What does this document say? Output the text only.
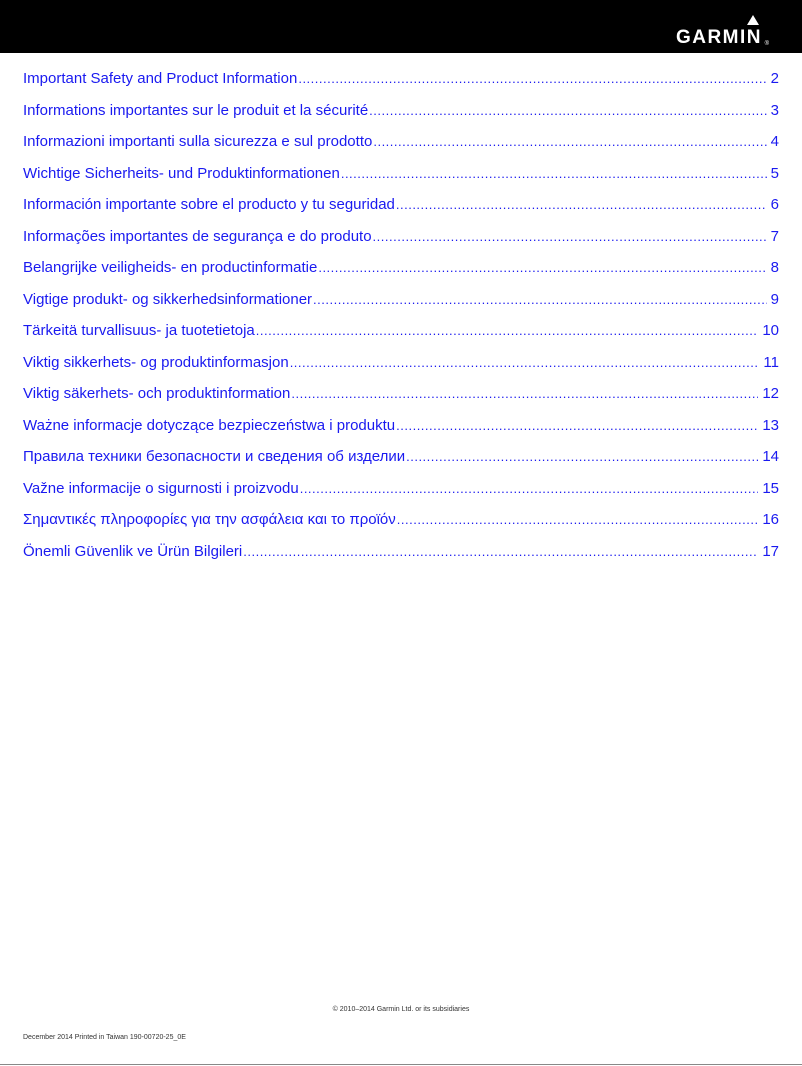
GARMIN ®
Important Safety and Product Information .....	2
Informations importantes sur le produit et la sécurité .....	3
Informazioni importanti sulla sicurezza e sul prodotto .....	4
Wichtige Sicherheits- und Produktinformationen .....	5
Información importante sobre el producto y tu seguridad .....	6
Informações importantes de segurança e do produto .....	7
Belangrijke veiligheids- en productinformatie .....	8
Vigtige produkt- og sikkerhedsinformationer .....	9
Tärkeitä turvallisuus- ja tuotetietoja .....	10
Viktig sikkerhets- og produktinformasjon .....	11
Viktig säkerhets- och produktinformation .....	12
Ważne informacje dotyczące bezpieczeństwa i produktu .....	13
Правила техники безопасности и сведения об изделии .....	14
Važne informacije o sigurnosti i proizvodu .....	15
Σημαντικές πληροφορίες για την ασφάλεια και το προϊόν .....	16
Önemli Güvenlik ve Ürün Bilgileri .....	17
© 2010–2014 Garmin Ltd. or its subsidiaries
December 2014 Printed in Taiwan 190-00720-25_0E
